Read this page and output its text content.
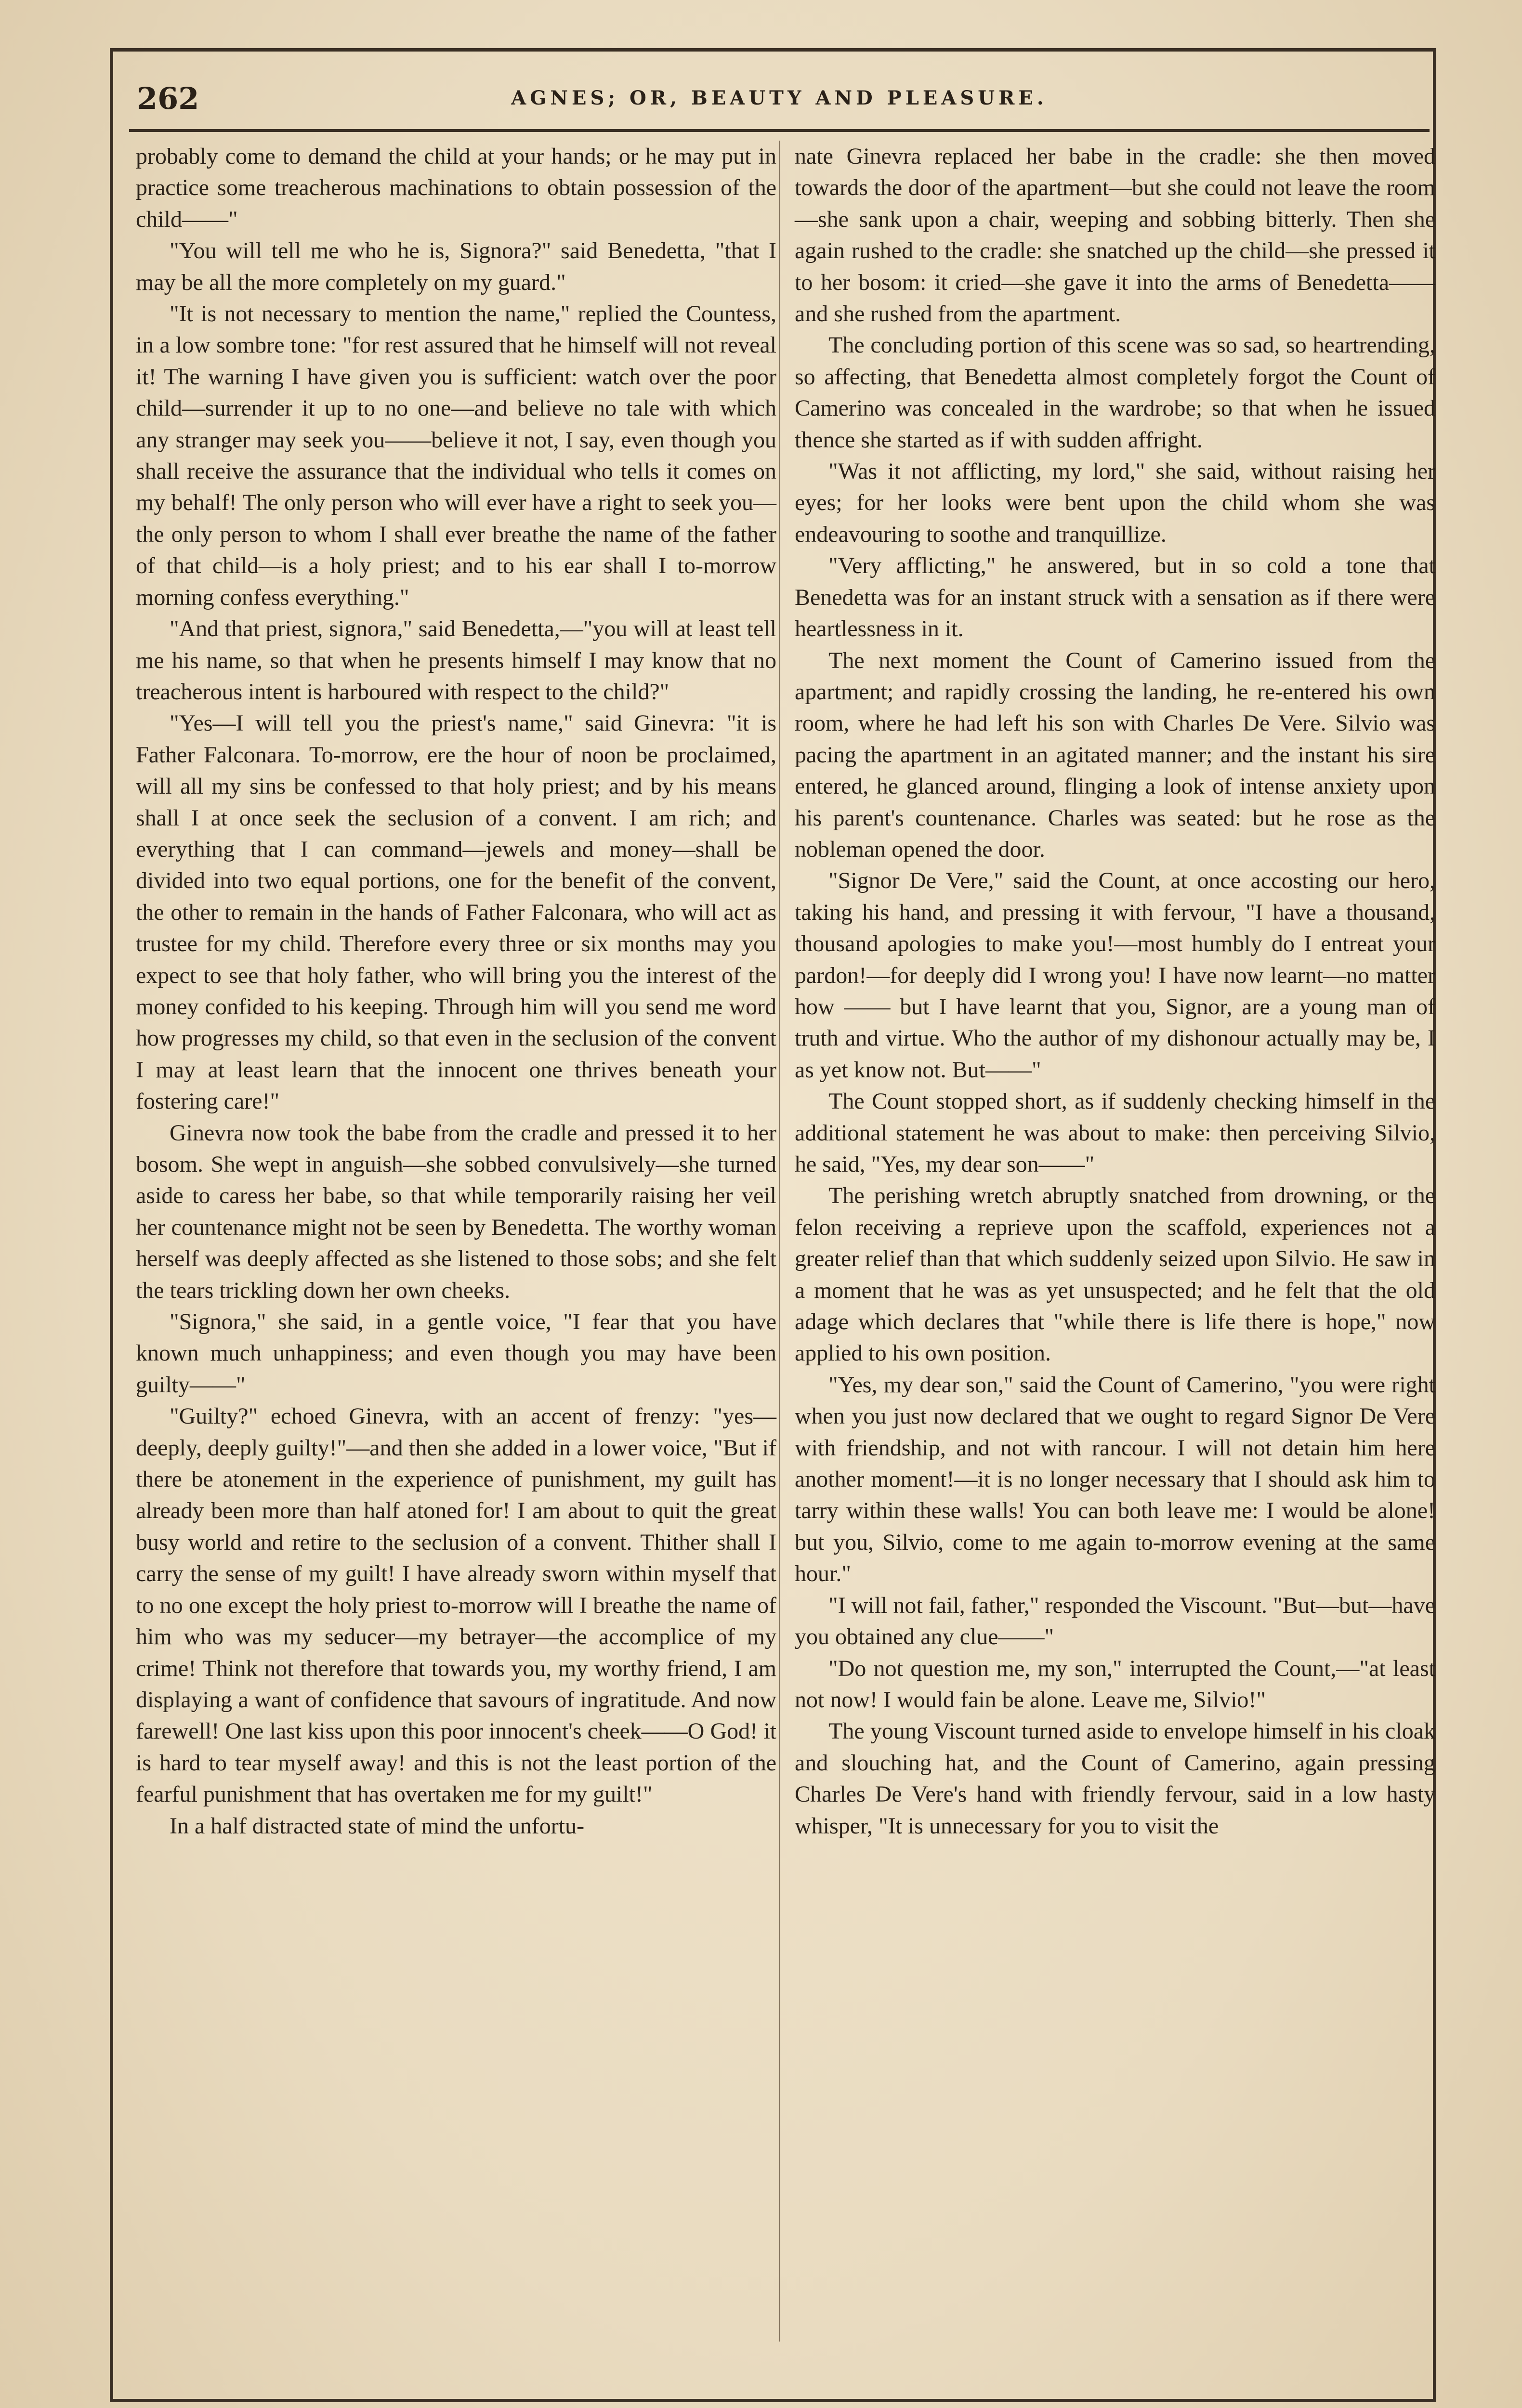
262	AGNES; OR, BEAUTY AND PLEASURE.

probably come to demand the child at your hands; or he may put in practice some treacherous machinations to obtain possession of the child——"

"You will tell me who he is, Signora?" said Benedetta, "that I may be all the more completely on my guard."

"It is not necessary to mention the name," replied the Countess, in a low sombre tone: "for rest assured that he himself will not reveal it! The warning I have given you is sufficient: watch over the poor child—surrender it up to no one—and believe no tale with which any stranger may seek you——believe it not, I say, even though you shall receive the assurance that the individual who tells it comes on my behalf! The only person who will ever have a right to seek you—the only person to whom I shall ever breathe the name of the father of that child—is a holy priest; and to his ear shall I to-morrow morning confess everything."

"And that priest, signora," said Benedetta,—"you will at least tell me his name, so that when he presents himself I may know that no treacherous intent is harboured with respect to the child?"

"Yes—I will tell you the priest's name," said Ginevra: "it is Father Falconara. To-morrow, ere the hour of noon be proclaimed, will all my sins be confessed to that holy priest; and by his means shall I at once seek the seclusion of a convent. I am rich; and everything that I can command—jewels and money—shall be divided into two equal portions, one for the benefit of the convent, the other to remain in the hands of Father Falconara, who will act as trustee for my child. Therefore every three or six months may you expect to see that holy father, who will bring you the interest of the money confided to his keeping. Through him will you send me word how progresses my child, so that even in the seclusion of the convent I may at least learn that the innocent one thrives beneath your fostering care!"

Ginevra now took the babe from the cradle and pressed it to her bosom. She wept in anguish—she sobbed convulsively—she turned aside to caress her babe, so that while temporarily raising her veil her countenance might not be seen by Benedetta. The worthy woman herself was deeply affected as she listened to those sobs; and she felt the tears trickling down her own cheeks.

"Signora," she said, in a gentle voice, "I fear that you have known much unhappiness; and even though you may have been guilty——"

"Guilty?" echoed Ginevra, with an accent of frenzy: "yes—deeply, deeply guilty!"—and then she added in a lower voice, "But if there be atonement in the experience of punishment, my guilt has already been more than half atoned for! I am about to quit the great busy world and retire to the seclusion of a convent. Thither shall I carry the sense of my guilt! I have already sworn within myself that to no one except the holy priest to-morrow will I breathe the name of him who was my seducer—my betrayer—the accomplice of my crime! Think not therefore that towards you, my worthy friend, I am displaying a want of confidence that savours of ingratitude. And now farewell! One last kiss upon this poor innocent's cheek——O God! it is hard to tear myself away! and this is not the least portion of the fearful punishment that has overtaken me for my guilt!"

In a half distracted state of mind the unfortu-

nate Ginevra replaced her babe in the cradle: she then moved towards the door of the apartment—but she could not leave the room—she sank upon a chair, weeping and sobbing bitterly. Then she again rushed to the cradle: she snatched up the child—she pressed it to her bosom: it cried—she gave it into the arms of Benedetta——and she rushed from the apartment.

The concluding portion of this scene was so sad, so heartrending, so affecting, that Benedetta almost completely forgot the Count of Camerino was concealed in the wardrobe; so that when he issued thence she started as if with sudden affright.

"Was it not afflicting, my lord," she said, without raising her eyes; for her looks were bent upon the child whom she was endeavouring to soothe and tranquillize.

"Very afflicting," he answered, but in so cold a tone that Benedetta was for an instant struck with a sensation as if there were heartlessness in it.

The next moment the Count of Camerino issued from the apartment; and rapidly crossing the landing, he re-entered his own room, where he had left his son with Charles De Vere. Silvio was pacing the apartment in an agitated manner; and the instant his sire entered, he glanced around, flinging a look of intense anxiety upon his parent's countenance. Charles was seated: but he rose as the nobleman opened the door.

"Signor De Vere," said the Count, at once accosting our hero, taking his hand, and pressing it with fervour, "I have a thousand, thousand apologies to make you!—most humbly do I entreat your pardon!—for deeply did I wrong you! I have now learnt—no matter how —— but I have learnt that you, Signor, are a young man of truth and virtue. Who the author of my dishonour actually may be, I as yet know not. But——"

The Count stopped short, as if suddenly checking himself in the additional statement he was about to make: then perceiving Silvio, he said, "Yes, my dear son——"

The perishing wretch abruptly snatched from drowning, or the felon receiving a reprieve upon the scaffold, experiences not a greater relief than that which suddenly seized upon Silvio. He saw in a moment that he was as yet unsuspected; and he felt that the old adage which declares that "while there is life there is hope," now applied to his own position.

"Yes, my dear son," said the Count of Camerino, "you were right when you just now declared that we ought to regard Signor De Vere with friendship, and not with rancour. I will not detain him here another moment!—it is no longer necessary that I should ask him to tarry within these walls! You can both leave me: I would be alone! but you, Silvio, come to me again to-morrow evening at the same hour."

"I will not fail, father," responded the Viscount. "But—but—have you obtained any clue——"

"Do not question me, my son," interrupted the Count,—"at least not now! I would fain be alone. Leave me, Silvio!"

The young Viscount turned aside to envelope himself in his cloak and slouching hat, and the Count of Camerino, again pressing Charles De Vere's hand with friendly fervour, said in a low hasty whisper, "It is unnecessary for you to visit the
